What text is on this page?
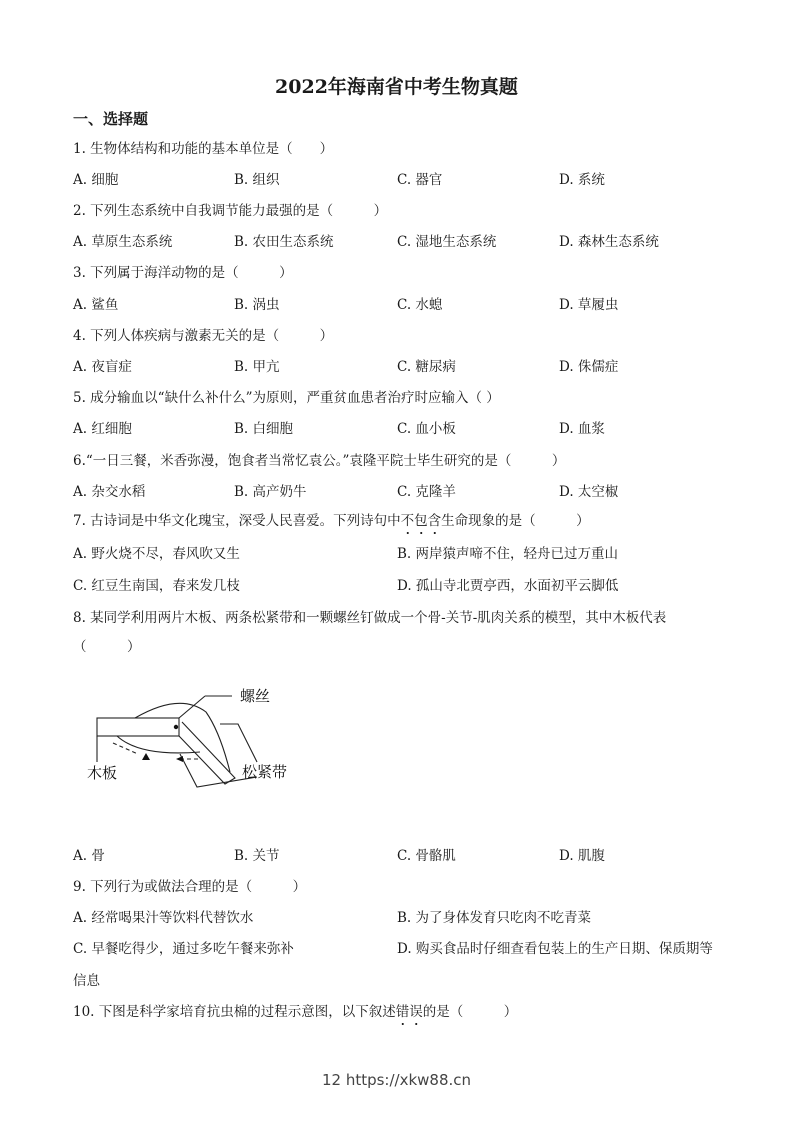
2022年海南省中考生物真题
一、选择题
1. 生物体结构和功能的基本单位是（　　）
A. 细胞	B. 组织	C. 器官	D. 系统
2. 下列生态系统中自我调节能力最强的是（　　　）
A. 草原生态系统	B. 农田生态系统	C. 湿地生态系统	D. 森林生态系统
3. 下列属于海洋动物的是（　　　）
A. 鲨鱼	B. 涡虫	C. 水螅	D. 草履虫
4. 下列人体疾病与激素无关的是（　　　）
A. 夜盲症	B. 甲亢	C. 糖尿病	D. 侏儒症
5. 成分输血以“缺什么补什么”为原则，严重贫血患者治疗时应输入（ ）
A. 红细胞	B. 白细胞	C. 血小板	D. 血浆
6.“一日三餐，米香弥漫，饱食者当常忆袁公。”袁隆平院士毕生研究的是（　　　）
A. 杂交水稻	B. 高产奶牛	C. 克隆羊	D. 太空椒
7. 古诗词是中华文化瑰宝，深受人民喜爱。下列诗句中不包含生命现象的是（　　　）
A. 野火烧不尽，春风吹又生	B. 两岸猿声啼不住，轻舟已过万重山
C. 红豆生南国，春来发几枝	D. 孤山寺北贾亭西，水面初平云脚低
8. 某同学利用两片木板、两条松紧带和一颗螺丝钉做成一个骨-关节-肌肉关系的模型，其中木板代表
（　　　）
A. 骨	B. 关节	C. 骨骼肌	D. 肌腹
9. 下列行为或做法合理的是（　　　）
A. 经常喝果汁等饮料代替饮水	B. 为了身体发育只吃肉不吃青菜
C. 早餐吃得少，通过多吃午餐来弥补	D. 购买食品时仔细查看包装上的生产日期、保质期等
信息
10. 下图是科学家培育抗虫棉的过程示意图，以下叙述错误的是（　　　）
螺丝
木板	松紧带
12 https://xkw88.cn
